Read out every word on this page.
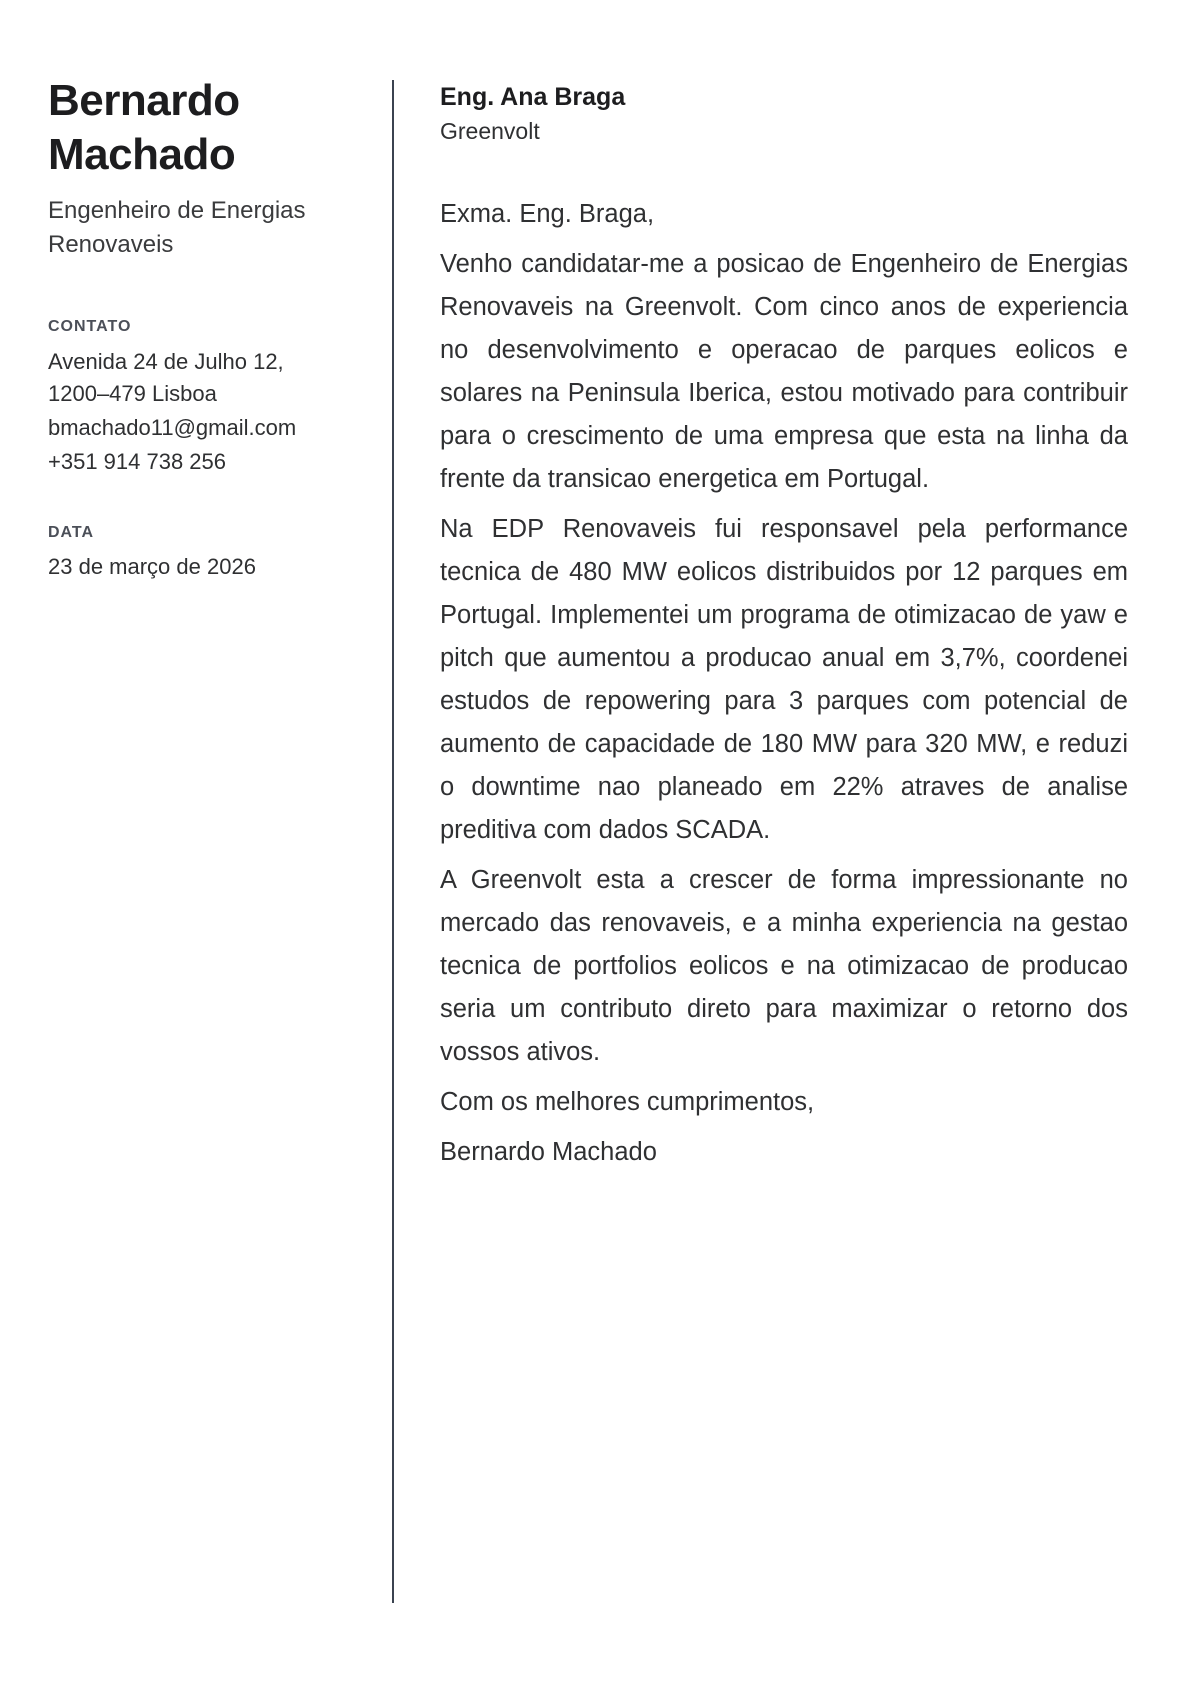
Bernardo Machado

Engenheiro de Energias Renovaveis

CONTATO
Avenida 24 de Julho 12,
1200–479 Lisboa
bmachado11@gmail.com
+351 914 738 256
DATA
23 de março de 2026
Eng. Ana Braga
Greenvolt

Exma. Eng. Braga,

Venho candidatar-me a posicao de Engenheiro de Energias Renovaveis na Greenvolt. Com cinco anos de experiencia no desenvolvimento e operacao de parques eolicos e solares na Peninsula Iberica, estou motivado para contribuir para o crescimento de uma empresa que esta na linha da frente da transicao energetica em Portugal.

Na EDP Renovaveis fui responsavel pela performance tecnica de 480 MW eolicos distribuidos por 12 parques em Portugal. Implementei um programa de otimizacao de yaw e pitch que aumentou a producao anual em 3,7%, coordenei estudos de repowering para 3 parques com potencial de aumento de capacidade de 180 MW para 320 MW, e reduzi o downtime nao planeado em 22% atraves de analise preditiva com dados SCADA.

A Greenvolt esta a crescer de forma impressionante no mercado das renovaveis, e a minha experiencia na gestao tecnica de portfolios eolicos e na otimizacao de producao seria um contributo direto para maximizar o retorno dos vossos ativos.

Com os melhores cumprimentos,

Bernardo Machado
